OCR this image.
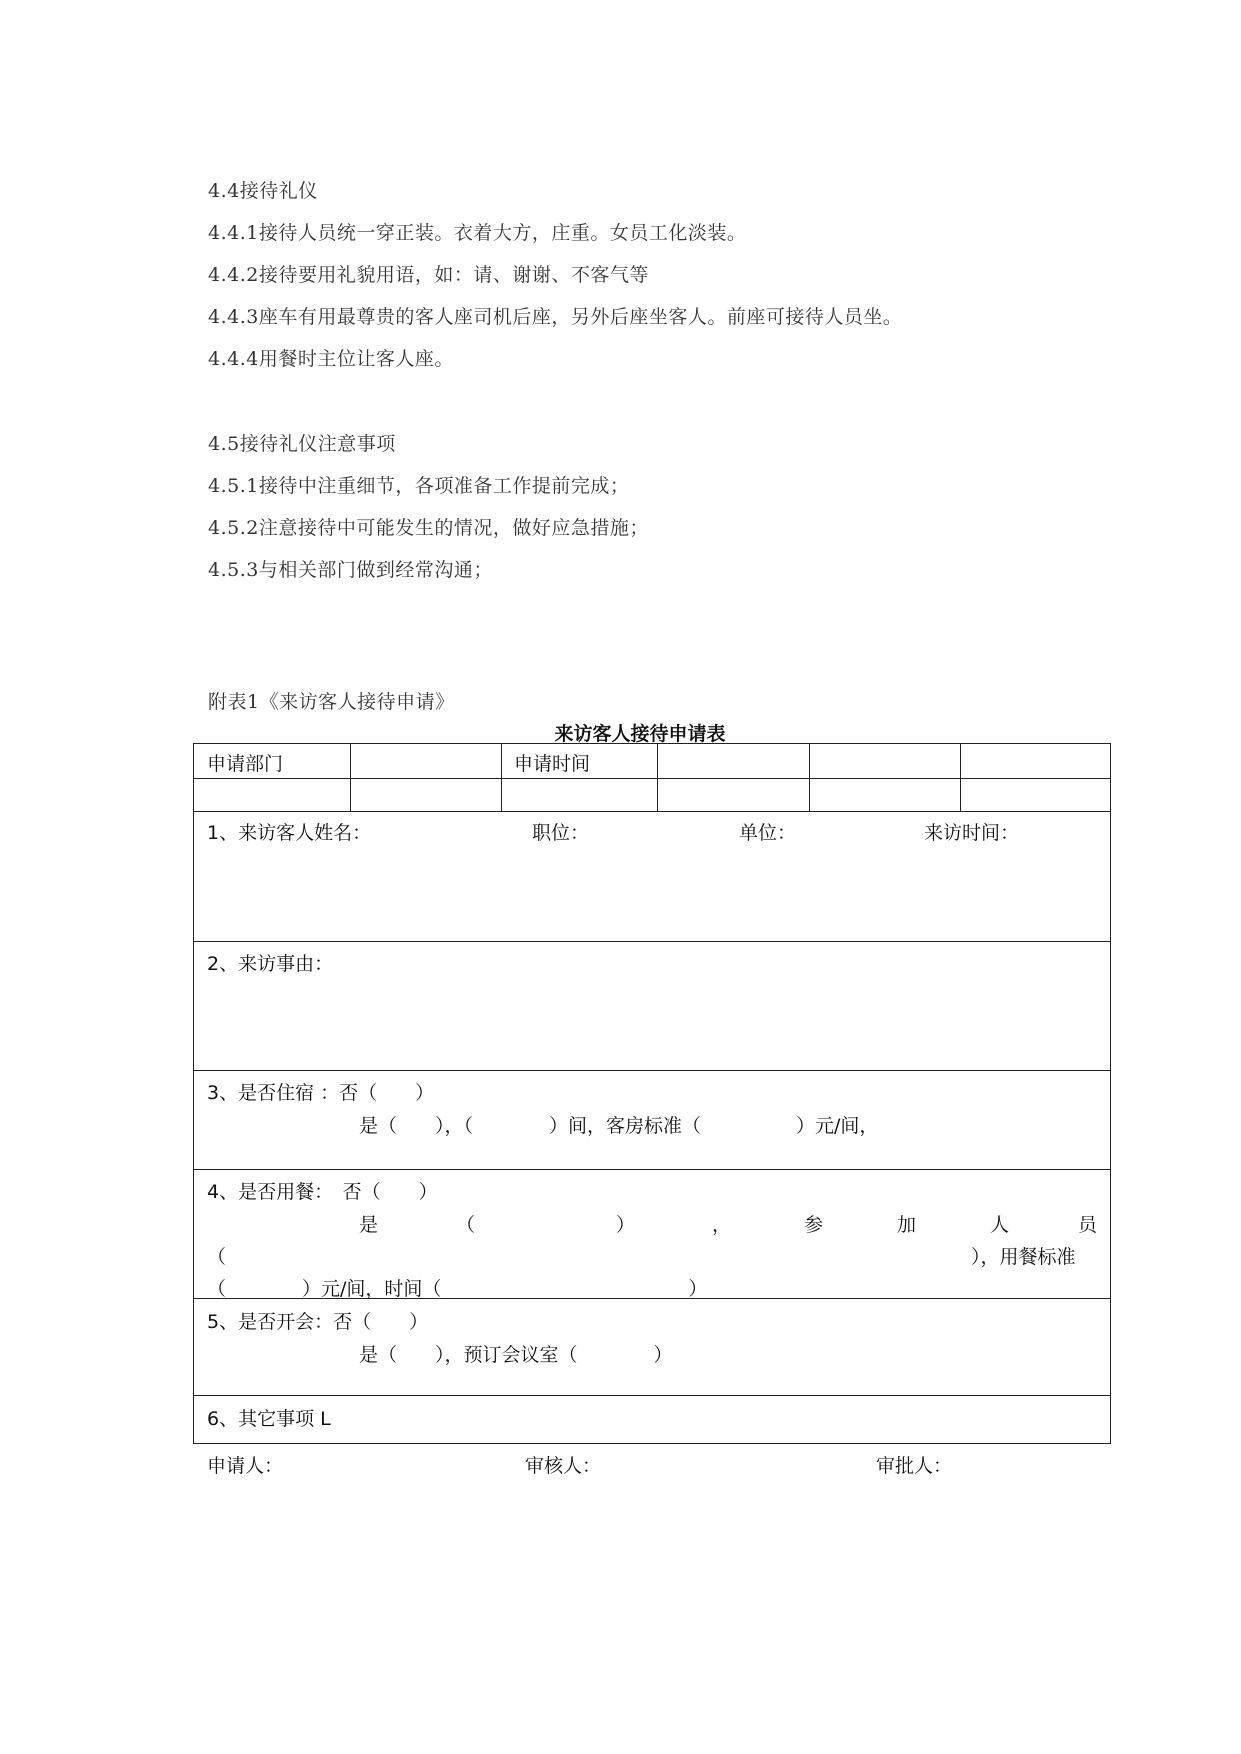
4.4接待礼仪
4.4.1接待人员统一穿正装。衣着大方，庄重。女员工化淡装。
4.4.2接待要用礼貌用语，如：请、谢谢、不客气等
4.4.3座车有用最尊贵的客人座司机后座，另外后座坐客人。前座可接待人员坐。
4.4.4用餐时主位让客人座。
4.5接待礼仪注意事项
4.5.1接待中注重细节，各项准备工作提前完成；
4.5.2注意接待中可能发生的情况，做好应急措施；
4.5.3与相关部门做到经常沟通；
附表1《来访客人接待申请》
来访客人接待申请表
申请部门	申请时间
1、来访客人姓名：	职位：	单位：	来访时间：
2、来访事由：
3、是否住宿 ：否（　　）
是（　　），（　　　　）间，客房标准（　　　　　）元/间，
4、是否用餐：　否（　　）
是	（	）	，	参	加	人	员
（	），用餐标准
（　　　　）元/间，时间（　　　　　　　　　　　　　）
5、是否开会：否（　　）
是（　　），预订会议室（　　　　）
6、其它事项 L
申请人：	审核人：	审批人：
